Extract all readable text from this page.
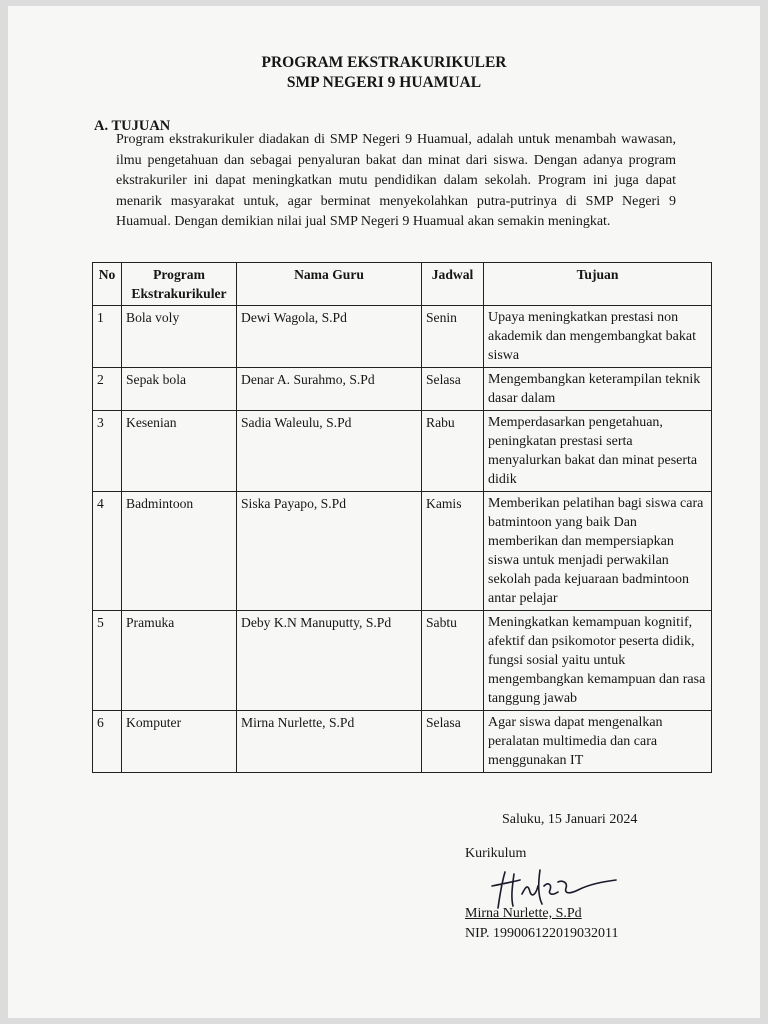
PROGRAM EKSTRAKURIKULER
SMP NEGERI 9 HUAMUAL
A. TUJUAN
Program ekstrakurikuler diadakan di SMP Negeri 9 Huamual, adalah untuk menambah wawasan, ilmu pengetahuan dan sebagai penyaluran bakat dan minat dari siswa. Dengan adanya program ekstrakuriler ini dapat meningkatkan mutu pendidikan dalam sekolah. Program ini juga dapat menarik masyarakat untuk, agar berminat menyekolahkan putra-putrinya di SMP Negeri 9 Huamual. Dengan demikian nilai jual SMP Negeri 9 Huamual akan semakin meningkat.
No	Program Ekstrakurikuler	Nama Guru	Jadwal	Tujuan
1	Bola voly	Dewi Wagola, S.Pd	Senin	Upaya meningkatkan prestasi non akademik dan mengembangkat bakat siswa
2	Sepak bola	Denar A. Surahmo, S.Pd	Selasa	Mengembangkan keterampilan teknik dasar dalam
3	Kesenian	Sadia Waleulu, S.Pd	Rabu	Memperdasarkan pengetahuan, peningkatan prestasi serta menyalurkan bakat dan minat peserta didik
4	Badmintoon	Siska Payapo, S.Pd	Kamis	Memberikan pelatihan bagi siswa cara batmintoon yang baik Dan memberikan dan mempersiapkan siswa untuk menjadi perwakilan sekolah pada kejuaraan badmintoon antar pelajar
5	Pramuka	Deby K.N Manuputty, S.Pd	Sabtu	Meningkatkan kemampuan kognitif, afektif dan psikomotor peserta didik, fungsi sosial yaitu untuk mengembangkan kemampuan dan rasa tanggung jawab
6	Komputer	Mirna Nurlette, S.Pd	Selasa	Agar siswa dapat mengenalkan peralatan multimedia dan cara menggunakan IT
Saluku, 15 Januari 2024
Kurikulum
Mirna Nurlette, S.Pd
NIP. 199006122019032011
